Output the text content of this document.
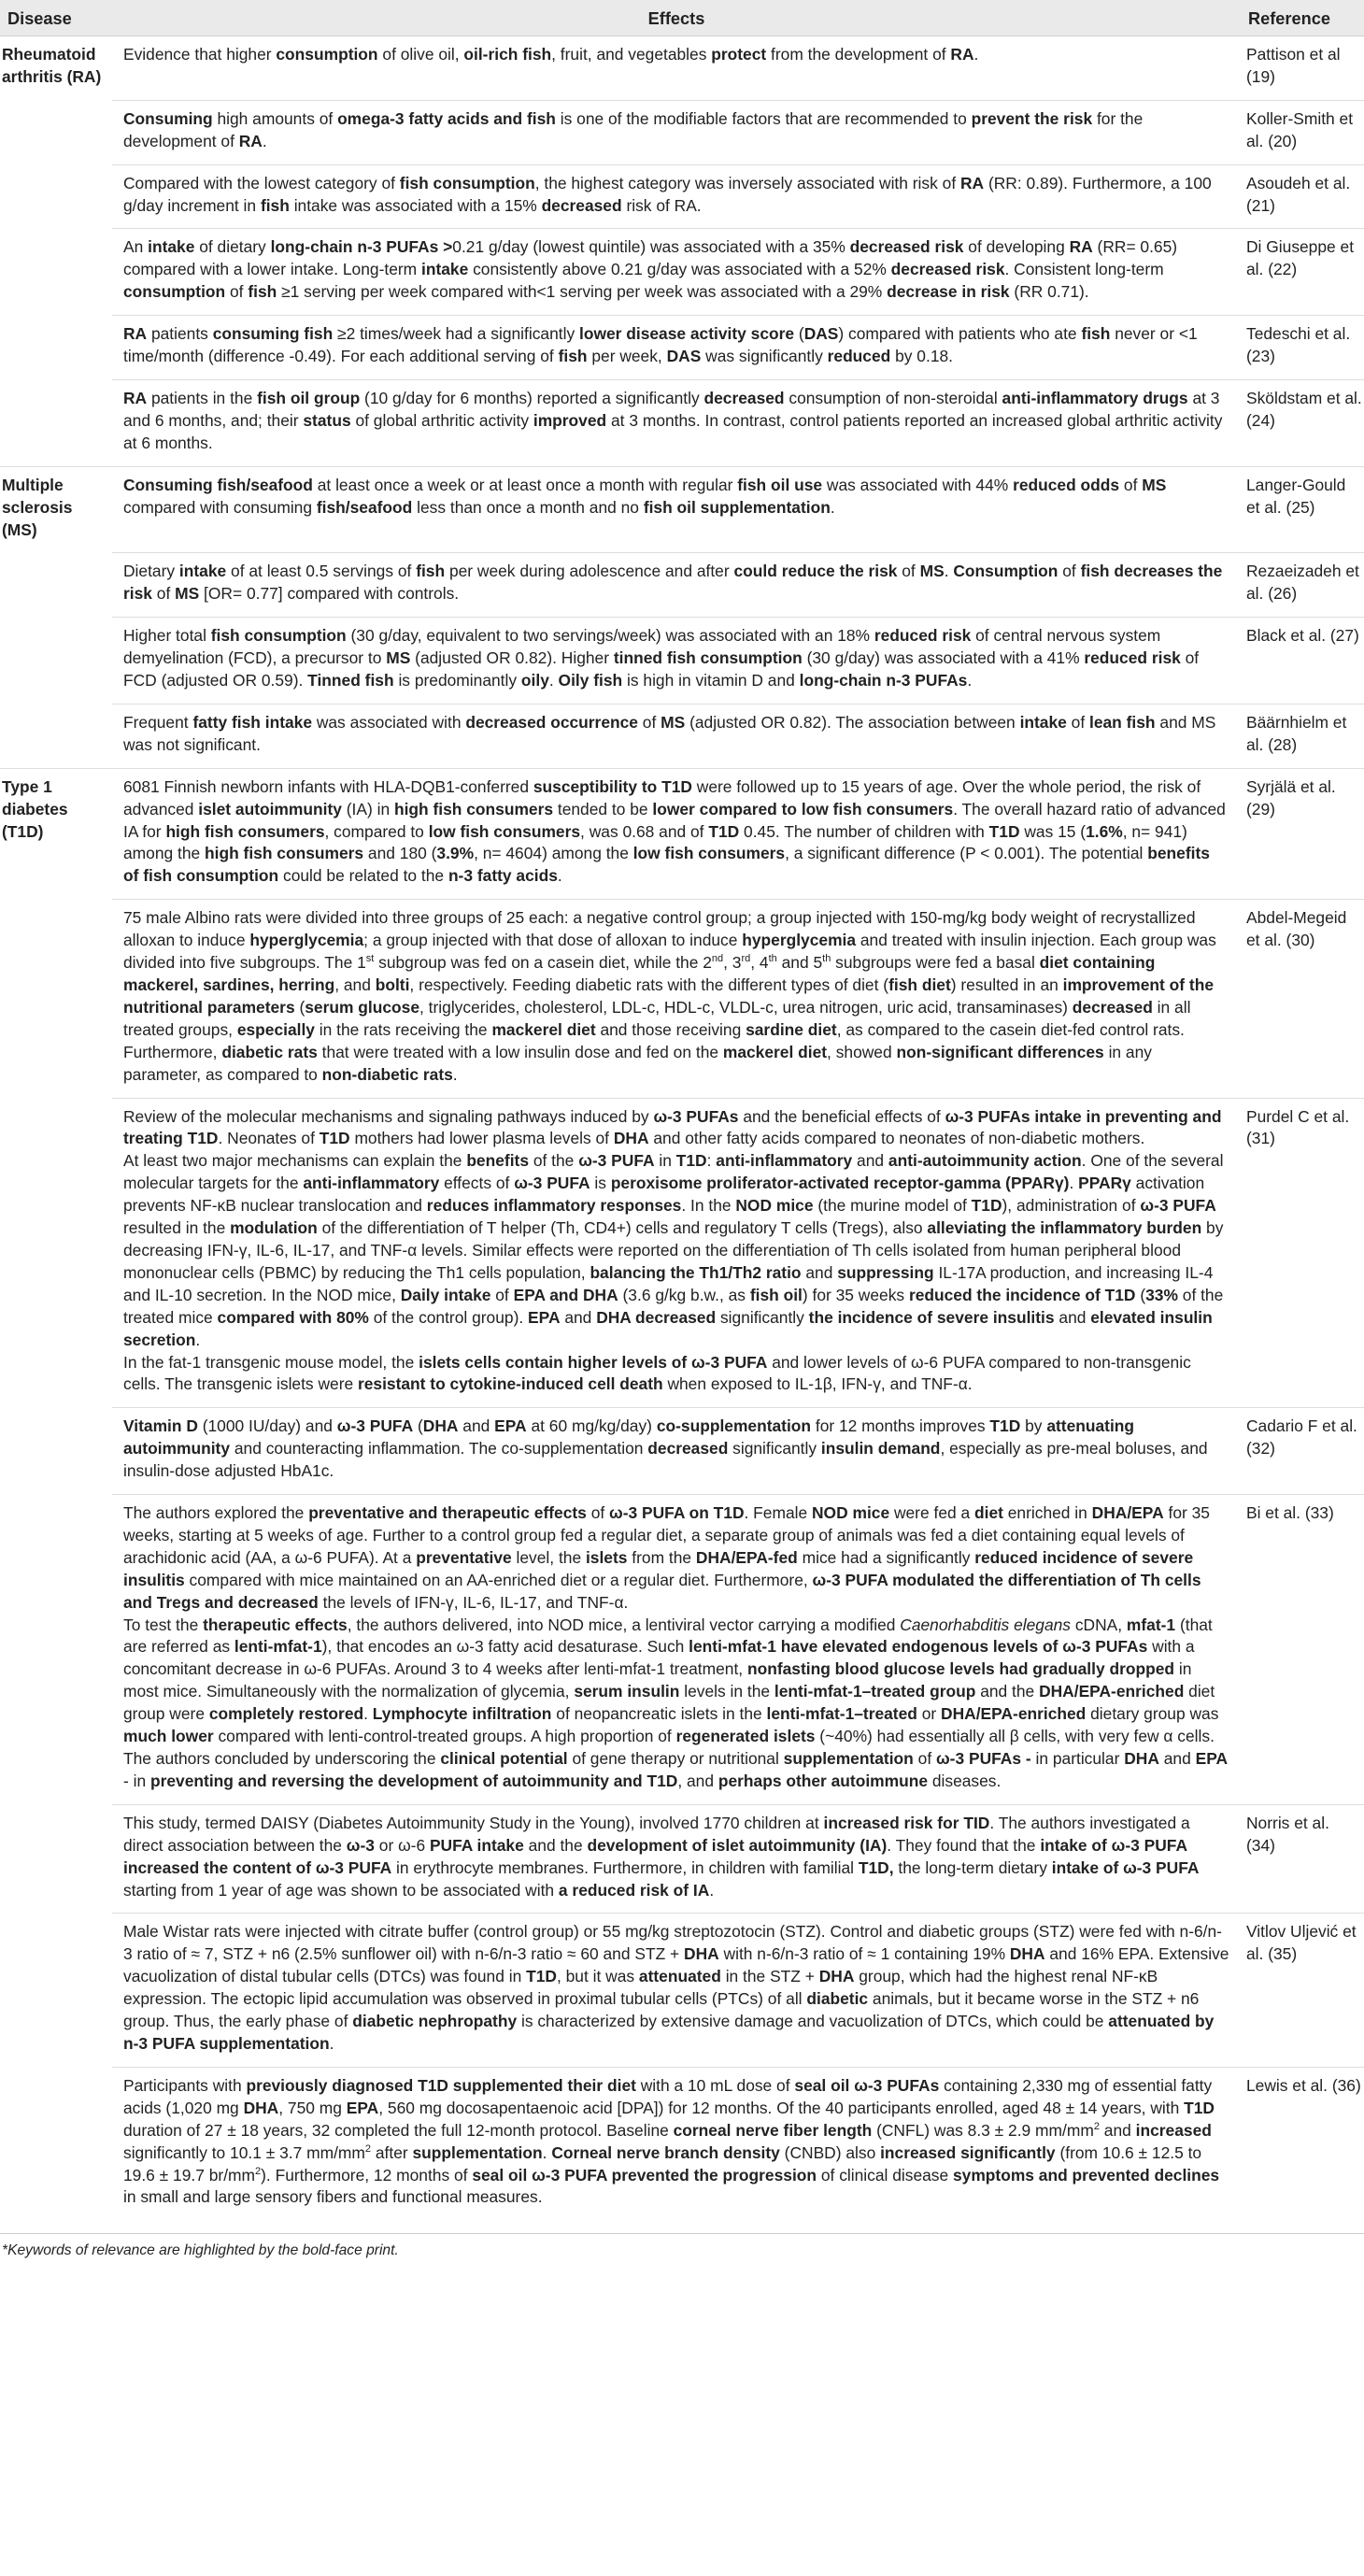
Disease	Effects	Reference
Rheumatoid arthritis (RA)	Evidence that higher consumption of olive oil, oil-rich fish, fruit, and vegetables protect from the development of RA.	Pattison et al (19)
	Consuming high amounts of omega-3 fatty acids and fish is one of the modifiable factors that are recommended to prevent the risk for the development of RA.	Koller-Smith et al. (20)
	Compared with the lowest category of fish consumption, the highest category was inversely associated with risk of RA (RR: 0.89). Furthermore, a 100 g/day increment in fish intake was associated with a 15% decreased risk of RA.	Asoudeh et al. (21)
	An intake of dietary long-chain n-3 PUFAs >0.21 g/day (lowest quintile) was associated with a 35% decreased risk of developing RA (RR= 0.65) compared with a lower intake. Long-term intake consistently above 0.21 g/day was associated with a 52% decreased risk. Consistent long-term consumption of fish ≥1 serving per week compared with<1 serving per week was associated with a 29% decrease in risk (RR 0.71).	Di Giuseppe et al. (22)
	RA patients consuming fish ≥2 times/week had a significantly lower disease activity score (DAS) compared with patients who ate fish never or <1 time/month (difference -0.49). For each additional serving of fish per week, DAS was significantly reduced by 0.18.	Tedeschi et al. (23)
	RA patients in the fish oil group (10 g/day for 6 months) reported a significantly decreased consumption of non-steroidal anti-inflammatory drugs at 3 and 6 months, and; their status of global arthritic activity improved at 3 months. In contrast, control patients reported an increased global arthritic activity at 6 months.	Sköldstam et al. (24)
Multiple sclerosis (MS)	Consuming fish/seafood at least once a week or at least once a month with regular fish oil use was associated with 44% reduced odds of MS compared with consuming fish/seafood less than once a month and no fish oil supplementation.	Langer-Gould et al. (25)
	Dietary intake of at least 0.5 servings of fish per week during adolescence and after could reduce the risk of MS. Consumption of fish decreases the risk of MS [OR= 0.77] compared with controls.	Rezaeizadeh et al. (26)
	Higher total fish consumption (30 g/day, equivalent to two servings/week) was associated with an 18% reduced risk of central nervous system demyelination (FCD), a precursor to MS (adjusted OR 0.82). Higher tinned fish consumption (30 g/day) was associated with a 41% reduced risk of FCD (adjusted OR 0.59). Tinned fish is predominantly oily. Oily fish is high in vitamin D and long-chain n-3 PUFAs.	Black et al. (27)
	Frequent fatty fish intake was associated with decreased occurrence of MS (adjusted OR 0.82). The association between intake of lean fish and MS was not significant.	Bäärnhielm et al. (28)
Type 1 diabetes (T1D)	6081 Finnish newborn infants with HLA-DQB1-conferred susceptibility to T1D were followed up to 15 years of age. Over the whole period, the risk of advanced islet autoimmunity (IA) in high fish consumers tended to be lower compared to low fish consumers. The overall hazard ratio of advanced IA for high fish consumers, compared to low fish consumers, was 0.68 and of T1D 0.45. The number of children with T1D was 15 (1.6%, n= 941) among the high fish consumers and 180 (3.9%, n= 4604) among the low fish consumers, a significant difference (P < 0.001). The potential benefits of fish consumption could be related to the n-3 fatty acids.	Syrjälä et al. (29)
	75 male Albino rats were divided into three groups of 25 each: a negative control group; a group injected with 150-mg/kg body weight of recrystallized alloxan to induce hyperglycemia; a group injected with that dose of alloxan to induce hyperglycemia and treated with insulin injection. Each group was divided into five subgroups. The 1st subgroup was fed on a casein diet, while the 2nd, 3rd, 4th and 5th subgroups were fed a basal diet containing mackerel, sardines, herring, and bolti, respectively. Feeding diabetic rats with the different types of diet (fish diet) resulted in an improvement of the nutritional parameters (serum glucose, triglycerides, cholesterol, LDL-c, HDL-c, VLDL-c, urea nitrogen, uric acid, transaminases) decreased in all treated groups, especially in the rats receiving the mackerel diet and those receiving sardine diet, as compared to the casein diet-fed control rats. Furthermore, diabetic rats that were treated with a low insulin dose and fed on the mackerel diet, showed non-significant differences in any parameter, as compared to non-diabetic rats.	Abdel-Megeid et al. (30)
	Review of the molecular mechanisms and signaling pathways induced by ω-3 PUFAs and the beneficial effects of ω-3 PUFAs intake in preventing and treating T1D. Neonates of T1D mothers had lower plasma levels of DHA and other fatty acids compared to neonates of non-diabetic mothers.
At least two major mechanisms can explain the benefits of the ω-3 PUFA in T1D: anti-inflammatory and anti-autoimmunity action. One of the several molecular targets for the anti-inflammatory effects of ω-3 PUFA is peroxisome proliferator-activated receptor-gamma (PPARγ). PPARγ activation prevents NF-κB nuclear translocation and reduces inflammatory responses. In the NOD mice (the murine model of T1D), administration of ω-3 PUFA resulted in the modulation of the differentiation of T helper (Th, CD4+) cells and regulatory T cells (Tregs), also alleviating the inflammatory burden by decreasing IFN-γ, IL-6, IL-17, and TNF-α levels. Similar effects were reported on the differentiation of Th cells isolated from human peripheral blood mononuclear cells (PBMC) by reducing the Th1 cells population, balancing the Th1/Th2 ratio and suppressing IL-17A production, and increasing IL-4 and IL-10 secretion. In the NOD mice, Daily intake of EPA and DHA (3.6 g/kg b.w., as fish oil) for 35 weeks reduced the incidence of T1D (33% of the treated mice compared with 80% of the control group). EPA and DHA decreased significantly the incidence of severe insulitis and elevated insulin secretion.
In the fat-1 transgenic mouse model, the islets cells contain higher levels of ω-3 PUFA and lower levels of ω-6 PUFA compared to non-transgenic cells. The transgenic islets were resistant to cytokine-induced cell death when exposed to IL-1β, IFN-γ, and TNF-α.	Purdel C et al. (31)
	Vitamin D (1000 IU/day) and ω-3 PUFA (DHA and EPA at 60 mg/kg/day) co-supplementation for 12 months improves T1D by attenuating autoimmunity and counteracting inflammation. The co-supplementation decreased significantly insulin demand, especially as pre-meal boluses, and insulin-dose adjusted HbA1c.	Cadario F et al. (32)
	The authors explored the preventative and therapeutic effects of ω-3 PUFA on T1D. Female NOD mice were fed a diet enriched in DHA/EPA for 35 weeks, starting at 5 weeks of age. Further to a control group fed a regular diet, a separate group of animals was fed a diet containing equal levels of arachidonic acid (AA, a ω-6 PUFA). At a preventative level, the islets from the DHA/EPA-fed mice had a significantly reduced incidence of severe insulitis compared with mice maintained on an AA-enriched diet or a regular diet. Furthermore, ω-3 PUFA modulated the differentiation of Th cells and Tregs and decreased the levels of IFN-γ, IL-6, IL-17, and TNF-α.
To test the therapeutic effects, the authors delivered, into NOD mice, a lentiviral vector carrying a modified Caenorhabditis elegans cDNA, mfat-1 (that are referred as lenti-mfat-1), that encodes an ω-3 fatty acid desaturase. Such lenti-mfat-1 have elevated endogenous levels of ω-3 PUFAs with a concomitant decrease in ω-6 PUFAs. Around 3 to 4 weeks after lenti-mfat-1 treatment, nonfasting blood glucose levels had gradually dropped in most mice. Simultaneously with the normalization of glycemia, serum insulin levels in the lenti-mfat-1–treated group and the DHA/EPA-enriched diet group were completely restored. Lymphocyte infiltration of neopancreatic islets in the lenti-mfat-1–treated or DHA/EPA-enriched dietary group was much lower compared with lenti-control-treated groups. A high proportion of regenerated islets (~40%) had essentially all β cells, with very few α cells.
The authors concluded by underscoring the clinical potential of gene therapy or nutritional supplementation of ω-3 PUFAs - in particular DHA and EPA - in preventing and reversing the development of autoimmunity and T1D, and perhaps other autoimmune diseases.	Bi et al. (33)
	This study, termed DAISY (Diabetes Autoimmunity Study in the Young), involved 1770 children at increased risk for TID. The authors investigated a direct association between the ω-3 or ω-6 PUFA intake and the development of islet autoimmunity (IA). They found that the intake of ω-3 PUFA increased the content of ω-3 PUFA in erythrocyte membranes. Furthermore, in children with familial T1D, the long-term dietary intake of ω-3 PUFA starting from 1 year of age was shown to be associated with a reduced risk of IA.	Norris et al. (34)
	Male Wistar rats were injected with citrate buffer (control group) or 55 mg/kg streptozotocin (STZ). Control and diabetic groups (STZ) were fed with n-6/n-3 ratio of ≈ 7, STZ + n6 (2.5% sunflower oil) with n-6/n-3 ratio ≈ 60 and STZ + DHA with n-6/n-3 ratio of ≈ 1 containing 19% DHA and 16% EPA. Extensive vacuolization of distal tubular cells (DTCs) was found in T1D, but it was attenuated in the STZ + DHA group, which had the highest renal NF-κB expression. The ectopic lipid accumulation was observed in proximal tubular cells (PTCs) of all diabetic animals, but it became worse in the STZ + n6 group. Thus, the early phase of diabetic nephropathy is characterized by extensive damage and vacuolization of DTCs, which could be attenuated by n-3 PUFA supplementation.	Vitlov Uljević et al. (35)
	Participants with previously diagnosed T1D supplemented their diet with a 10 mL dose of seal oil ω-3 PUFAs containing 2,330 mg of essential fatty acids (1,020 mg DHA, 750 mg EPA, 560 mg docosapentaenoic acid [DPA]) for 12 months. Of the 40 participants enrolled, aged 48 ± 14 years, with T1D duration of 27 ± 18 years, 32 completed the full 12-month protocol. Baseline corneal nerve fiber length (CNFL) was 8.3 ± 2.9 $mm/mm^2$ and increased significantly to 10.1 ± 3.7 $mm/mm^2$ after supplementation. Corneal nerve branch density (CNBD) also increased significantly (from 10.6 ± 12.5 to 19.6 ± 19.7 $br/mm^2$). Furthermore, 12 months of seal oil ω-3 PUFA prevented the progression of clinical disease symptoms and prevented declines in small and large sensory fibers and functional measures.	Lewis et al. (36)
*Keywords of relevance are highlighted by the bold-face print.
